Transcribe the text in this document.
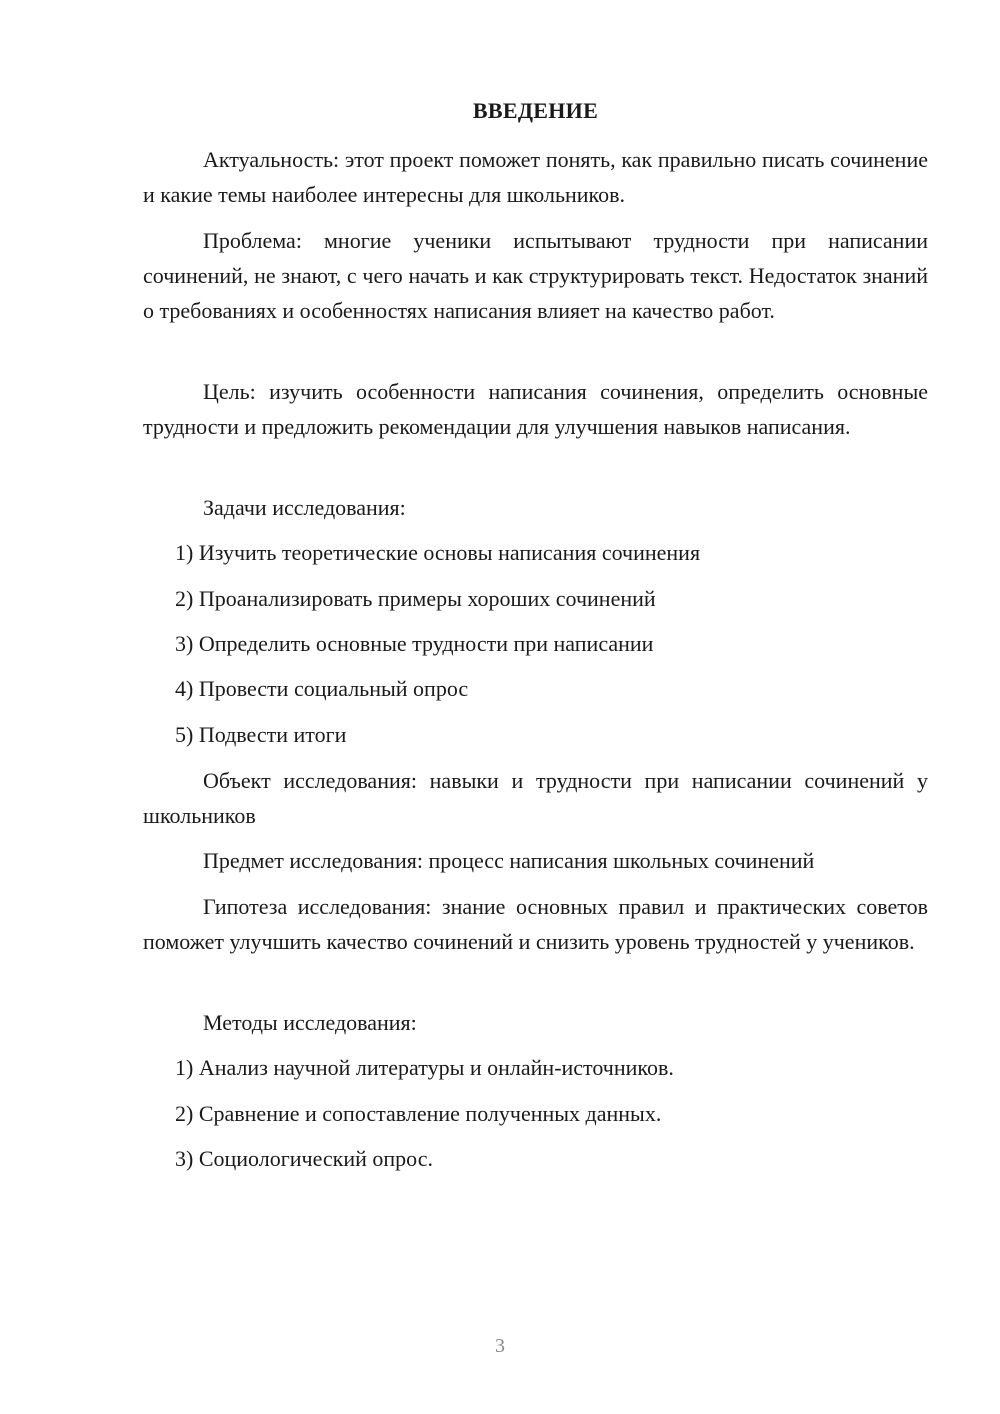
ВВЕДЕНИЕ

Актуальность: этот проект поможет понять, как правильно писать сочинение и какие темы наиболее интересны для школьников.

Проблема: многие ученики испытывают трудности при написании сочинений, не знают, с чего начать и как структурировать текст. Недостаток знаний о требованиях и особенностях написания влияет на качество работ.

Цель: изучить особенности написания сочинения, определить основные трудности и предложить рекомендации для улучшения навыков написания.

Задачи исследования:

1) Изучить теоретические основы написания сочинения

2) Проанализировать примеры хороших сочинений

3) Определить основные трудности при написании

4) Провести социальный опрос

5) Подвести итоги

Объект исследования: навыки и трудности при написании сочинений у школьников

Предмет исследования: процесс написания школьных сочинений

Гипотеза исследования: знание основных правил и практических советов поможет улучшить качество сочинений и снизить уровень трудностей у учеников.

Методы исследования:

1) Анализ научной литературы и онлайн-источников.

2) Сравнение и сопоставление полученных данных.

3) Социологический опрос.

3
